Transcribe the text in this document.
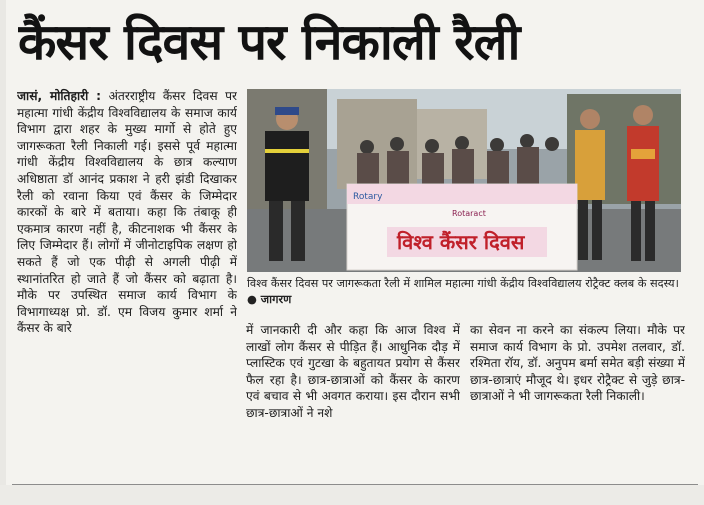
कैंसर दिवस पर निकाली रैली
जासं, मोतिहारी : अंतरराष्ट्रीय कैंसर दिवस पर महात्मा गांधी केंद्रीय विश्वविद्यालय के समाज कार्य विभाग द्वारा शहर के मुख्य मार्गो से होते हुए जागरूकता रैली निकाली गई। इससे पूर्व महात्मा गांधी केंद्रीय विश्वविद्यालय के छात्र कल्याण अधिष्ठाता डॉ आनंद प्रकाश ने हरी झंडी दिखाकर रैली को रवाना किया एवं कैंसर के जिम्मेदार कारकों के बारे में बताया। कहा कि तंबाकू ही एकमात्र कारण नहीं है, कीटनाशक भी कैंसर के लिए जिम्मेदार हैं। लोगों में जीनोटाइपिक लक्षण हो सकते हैं जो एक पीढ़ी से अगली पीढ़ी में स्थानांतरित हो जाते हैं जो कैंसर को बढ़ाता है। मौके पर उपस्थित समाज कार्य विभाग के विभागाध्यक्ष प्रो. डॉ. एम विजय कुमार शर्मा ने कैंसर के बारे
Rotary
Rotaract
विश्व कैंसर दिवस
विश्व कैंसर दिवस पर जागरूकता रैली में शामिल महात्मा गांधी केंद्रीय विश्वविद्यालय रोट्रैक्ट क्लब के सदस्य। ● जागरण
में जानकारी दी और कहा कि आज विश्व में लाखों लोग कैंसर से पीड़ित हैं। आधुनिक दौड़ में प्लास्टिक एवं गुटखा के बहुतायत प्रयोग से कैंसर फैल रहा है। छात्र-छात्राओं को कैंसर के कारण एवं बचाव से भी अवगत कराया। इस दौरान सभी छात्र-छात्राओं ने नशे
का सेवन ना करने का संकल्प लिया। मौके पर समाज कार्य विभाग के प्रो. उपमेश तलवार, डॉ. रश्मिता रॉय, डॉ. अनुपम बर्मा समेत बड़ी संख्या में छात्र-छात्राएं मौजूद थे। इधर रोट्रैक्ट से जुड़े छात्र-छात्राओं ने भी जागरूकता रैली निकाली।
